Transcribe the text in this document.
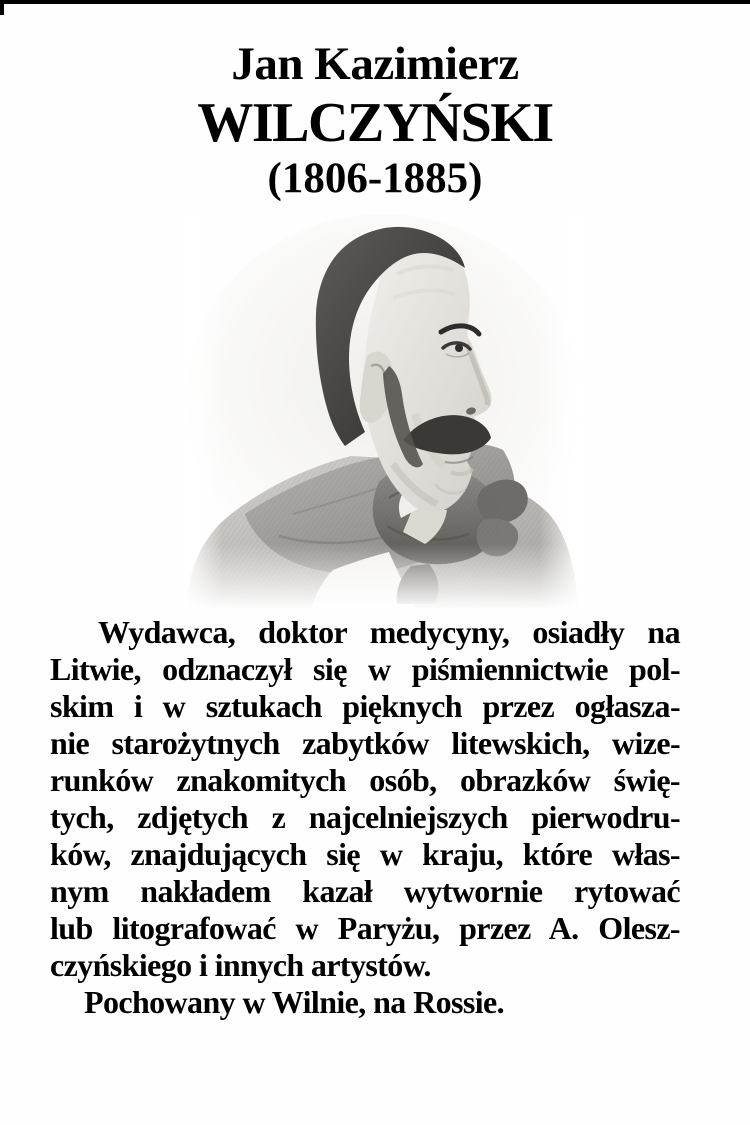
Jan Kazimierz
WILCZYŃSKI
(1806-1885)
Wydawca, doktor medycyny, osiadły na
Litwie, odznaczył się w piśmiennictwie pol-
skim i w sztukach pięknych przez ogłasza-
nie starożytnych zabytków litewskich, wize-
runków znakomitych osób, obrazków świę-
tych, zdjętych z najcelniejszych pierwodru-
ków, znajdujących się w kraju, które włas-
nym nakładem kazał wytwornie rytować
lub litografować w Paryżu, przez A. Olesz-
czyńskiego i innych artystów.
Pochowany w Wilnie, na Rossie.
